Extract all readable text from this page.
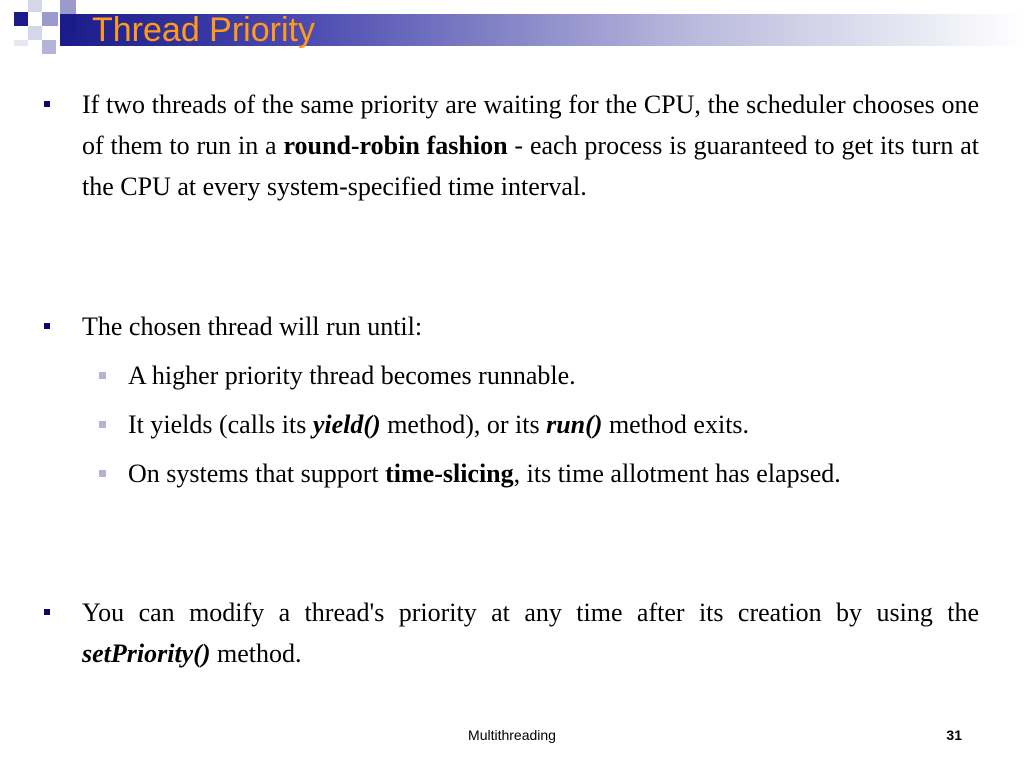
Thread Priority
If two threads of the same priority are waiting for the CPU, the scheduler chooses one of them to run in a round-robin fashion - each process is guaranteed to get its turn at the CPU at every system-specified time interval.
The chosen thread will run until:
A higher priority thread becomes runnable.
It yields (calls its yield() method), or its run() method exits.
On systems that support time-slicing, its time allotment has elapsed.
You can modify a thread's priority at any time after its creation by using the setPriority() method.
Multithreading	31
